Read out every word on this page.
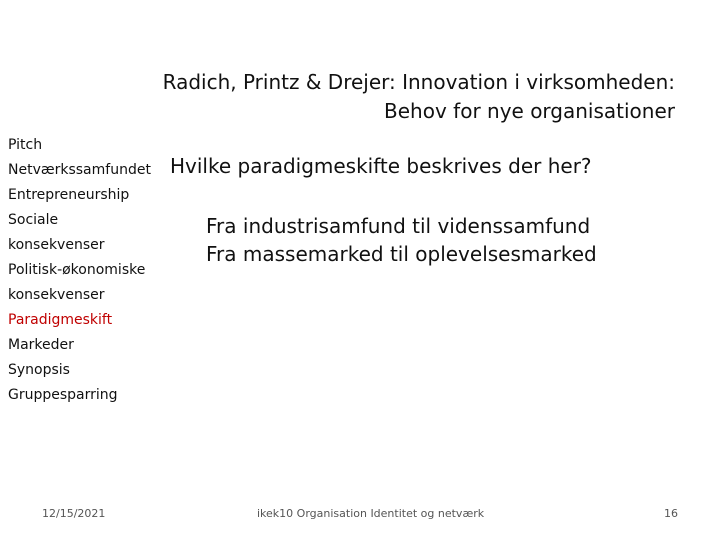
Radich, Printz & Drejer: Innovation i virksomheden:
Behov for nye organisationer
Pitch
Netværkssamfundet
Entrepreneurship
Sociale
konsekvenser
Politisk-økonomiske
konsekvenser
Paradigmeskift
Markeder
Synopsis
Gruppesparring
Hvilke paradigmeskifte beskrives der her?
Fra industrisamfund til videnssamfund
Fra massemarked til oplevelsesmarked
12/15/2021	ikek10 Organisation Identitet og netværk	16
